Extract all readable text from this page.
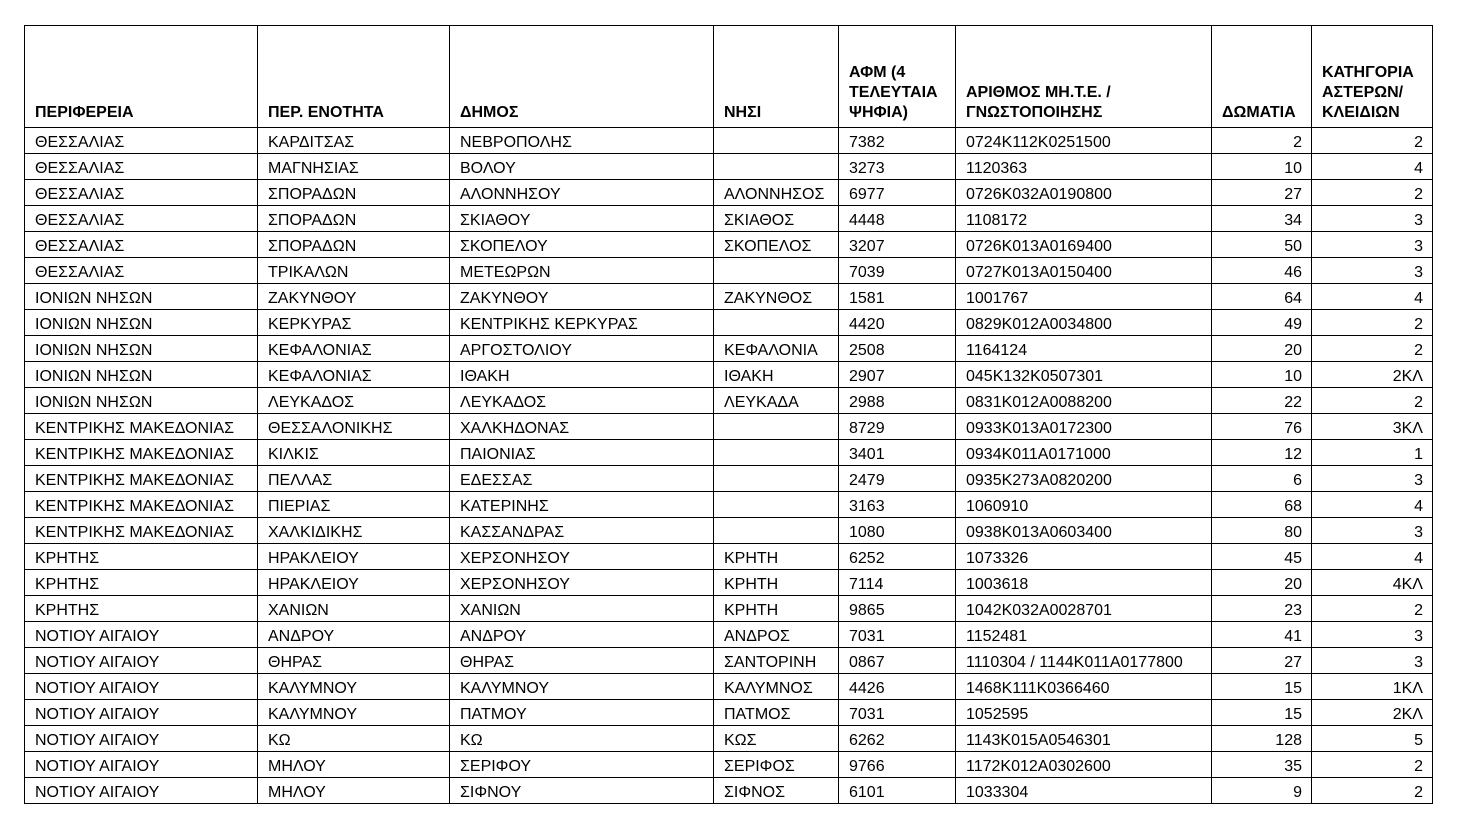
ΠΕΡΙΦΕΡΕΙΑ	ΠΕΡ. ΕΝΟΤΗΤΑ	ΔΗΜΟΣ	ΝΗΣΙ	ΑΦΜ (4 ΤΕΛΕΥΤΑΙΑ ΨΗΦΙΑ)	ΑΡΙΘΜΟΣ ΜΗ.Τ.Ε. / ΓΝΩΣΤΟΠΟΙΗΣΗΣ	ΔΩΜΑΤΙΑ	ΚΑΤΗΓΟΡΙΑ ΑΣΤΕΡΩΝ/ ΚΛΕΙΔΙΩΝ
ΘΕΣΣΑΛΙΑΣ	ΚΑΡΔΙΤΣΑΣ	ΝΕΒΡΟΠΟΛΗΣ		7382	0724Κ112Κ0251500	2	2
ΘΕΣΣΑΛΙΑΣ	ΜΑΓΝΗΣΙΑΣ	ΒΟΛΟΥ		3273	1120363	10	4
ΘΕΣΣΑΛΙΑΣ	ΣΠΟΡΑΔΩΝ	ΑΛΟΝΝΗΣΟΥ	ΑΛΟΝΝΗΣΟΣ	6977	0726Κ032Α0190800	27	2
ΘΕΣΣΑΛΙΑΣ	ΣΠΟΡΑΔΩΝ	ΣΚΙΑΘΟΥ	ΣΚΙΑΘΟΣ	4448	1108172	34	3
ΘΕΣΣΑΛΙΑΣ	ΣΠΟΡΑΔΩΝ	ΣΚΟΠΕΛΟΥ	ΣΚΟΠΕΛΟΣ	3207	0726Κ013Α0169400	50	3
ΘΕΣΣΑΛΙΑΣ	ΤΡΙΚΑΛΩΝ	ΜΕΤΕΩΡΩΝ		7039	0727Κ013Α0150400	46	3
ΙΟΝΙΩΝ ΝΗΣΩΝ	ΖΑΚΥΝΘΟΥ	ΖΑΚΥΝΘΟΥ	ΖΑΚΥΝΘΟΣ	1581	1001767	64	4
ΙΟΝΙΩΝ ΝΗΣΩΝ	ΚΕΡΚΥΡΑΣ	ΚΕΝΤΡΙΚΗΣ ΚΕΡΚΥΡΑΣ		4420	0829Κ012Α0034800	49	2
ΙΟΝΙΩΝ ΝΗΣΩΝ	ΚΕΦΑΛΟΝΙΑΣ	ΑΡΓΟΣΤΟΛΙΟΥ	ΚΕΦΑΛΟΝΙΑ	2508	1164124	20	2
ΙΟΝΙΩΝ ΝΗΣΩΝ	ΚΕΦΑΛΟΝΙΑΣ	ΙΘΑΚΗ	ΙΘΑΚΗ	2907	045Κ132Κ0507301	10	2ΚΛ
ΙΟΝΙΩΝ ΝΗΣΩΝ	ΛΕΥΚΑΔΟΣ	ΛΕΥΚΑΔΟΣ	ΛΕΥΚΑΔΑ	2988	0831Κ012Α0088200	22	2
ΚΕΝΤΡΙΚΗΣ ΜΑΚΕΔΟΝΙΑΣ	ΘΕΣΣΑΛΟΝΙΚΗΣ	ΧΑΛΚΗΔΟΝΑΣ		8729	0933Κ013Α0172300	76	3ΚΛ
ΚΕΝΤΡΙΚΗΣ ΜΑΚΕΔΟΝΙΑΣ	ΚΙΛΚΙΣ	ΠΑΙΟΝΙΑΣ		3401	0934Κ011Α0171000	12	1
ΚΕΝΤΡΙΚΗΣ ΜΑΚΕΔΟΝΙΑΣ	ΠΕΛΛΑΣ	ΕΔΕΣΣΑΣ		2479	0935Κ273Α0820200	6	3
ΚΕΝΤΡΙΚΗΣ ΜΑΚΕΔΟΝΙΑΣ	ΠΙΕΡΙΑΣ	ΚΑΤΕΡΙΝΗΣ		3163	1060910	68	4
ΚΕΝΤΡΙΚΗΣ ΜΑΚΕΔΟΝΙΑΣ	ΧΑΛΚΙΔΙΚΗΣ	ΚΑΣΣΑΝΔΡΑΣ		1080	0938Κ013Α0603400	80	3
ΚΡΗΤΗΣ	ΗΡΑΚΛΕΙΟΥ	ΧΕΡΣΟΝΗΣΟΥ	ΚΡΗΤΗ	6252	1073326	45	4
ΚΡΗΤΗΣ	ΗΡΑΚΛΕΙΟΥ	ΧΕΡΣΟΝΗΣΟΥ	ΚΡΗΤΗ	7114	1003618	20	4ΚΛ
ΚΡΗΤΗΣ	ΧΑΝΙΩΝ	ΧΑΝΙΩΝ	ΚΡΗΤΗ	9865	1042Κ032Α0028701	23	2
ΝΟΤΙΟΥ ΑΙΓΑΙΟΥ	ΑΝΔΡΟΥ	ΑΝΔΡΟΥ	ΑΝΔΡΟΣ	7031	1152481	41	3
ΝΟΤΙΟΥ ΑΙΓΑΙΟΥ	ΘΗΡΑΣ	ΘΗΡΑΣ	ΣΑΝΤΟΡΙΝΗ	0867	1110304 / 1144Κ011Α0177800	27	3
ΝΟΤΙΟΥ ΑΙΓΑΙΟΥ	ΚΑΛΥΜΝΟΥ	ΚΑΛΥΜΝΟΥ	ΚΑΛΥΜΝΟΣ	4426	1468Κ111Κ0366460	15	1ΚΛ
ΝΟΤΙΟΥ ΑΙΓΑΙΟΥ	ΚΑΛΥΜΝΟΥ	ΠΑΤΜΟΥ	ΠΑΤΜΟΣ	7031	1052595	15	2ΚΛ
ΝΟΤΙΟΥ ΑΙΓΑΙΟΥ	ΚΩ	ΚΩ	ΚΩΣ	6262	1143Κ015Α0546301	128	5
ΝΟΤΙΟΥ ΑΙΓΑΙΟΥ	ΜΗΛΟΥ	ΣΕΡΙΦΟΥ	ΣΕΡΙΦΟΣ	9766	1172Κ012Α0302600	35	2
ΝΟΤΙΟΥ ΑΙΓΑΙΟΥ	ΜΗΛΟΥ	ΣΙΦΝΟΥ	ΣΙΦΝΟΣ	6101	1033304	9	2
